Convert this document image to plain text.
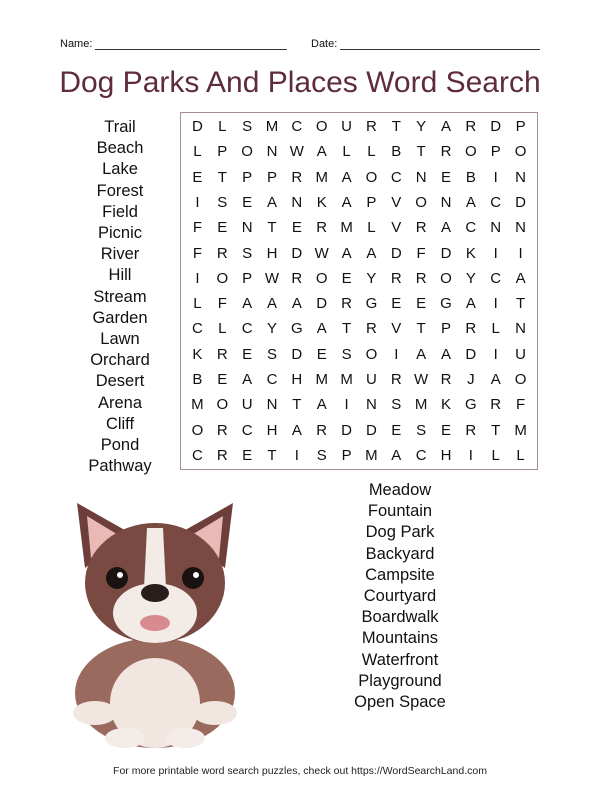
Name:	Date:
Dog Parks And Places Word Search
Trail
Beach
Lake
Forest
Field
Picnic
River
Hill
Stream
Garden
Lawn
Orchard
Desert
Arena
Cliff
Pond
Pathway
D	L	S M C O U R T	Y A R D P
L	P O N W A	L	L	B	T R O P O
E	T	P P R M A O C N E B	I	N
I	S E A N K A P V O N A C D
F	E N T	E R M L	V R A C N N
F R S H D W A A D F D K	I	I
I	O P W R O E Y R R O Y C A
L	F	A A A D R G E E G A	I	T
C	L	C Y G A	T R V	T	P R	L	N
K R E S D E S O	I	A A D	I	U
B E A C H M M U R W R	J	A O
M O U N T	A	I	N S M K G R F
O R C H A R D D E S E R T M
C R E	T	I	S P M A C H	I	L	L
Meadow
Fountain
Dog Park
Backyard
Campsite
Courtyard
Boardwalk
Mountains
Waterfront
Playground
Open Space
For more printable word search puzzles, check out https://WordSearchLand.com
